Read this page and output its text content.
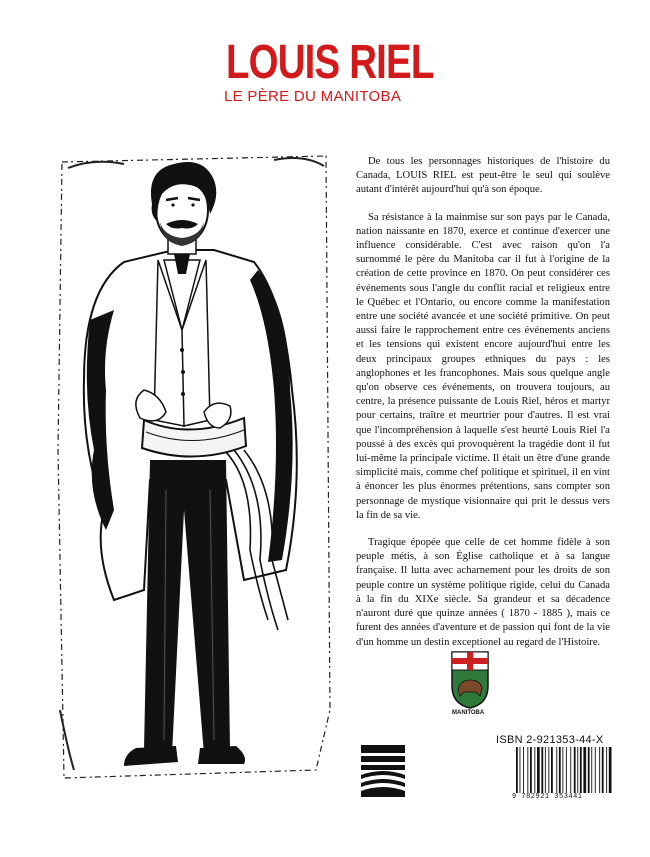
LOUIS RIEL
LE PÈRE DU MANITOBA

De tous les personnages historiques de l'histoire du Canada, LOUIS RIEL est peut-être le seul qui soulève autant d'intérêt aujourd'hui qu'à son époque.

Sa résistance à la mainmise sur son pays par le Canada, nation naissante en 1870, exerce et continue d'exercer une influence considérable. C'est avec raison qu'on l'a surnommé le père du Manitoba car il fut à l'origine de la création de cette province en 1870. On peut considérer ces événements sous l'angle du conflit racial et religieux entre le Québec et l'Ontario, ou encore comme la manifestation entre une société avancée et une société primitive. On peut aussi faire le rapprochement entre ces événements anciens et les tensions qui existent encore aujourd'hui entre les deux principaux groupes ethniques du pays : les anglophones et les francophones. Mais sous quelque angle qu'on observe ces événements, on trouvera toujours, au centre, la présence puissante de Louis Riel, héros et martyr pour certains, traître et meurtrier pour d'autres. Il est vrai que l'incompréhension à laquelle s'est heurté Louis Riel l'a poussé à des excès qui provoquèrent la tragédie dont il fut lui-même la principale victime. Il était un être d'une grande simplicité mais, comme chef politique et spirituel, il en vint à énoncer les plus énormes prétentions, sans compter son personnage de mystique visionnaire qui prit le dessus vers la fin de sa vie.

Tragique épopée que celle de cet homme fidèle à son peuple métis, à son Église catholique et à sa langue française. Il lutta avec acharnement pour les droits de son peuple contre un système politique rigide, celui du Canada à la fin du XIXe siècle. Sa grandeur et sa décadence n'auront duré que quinze années ( 1870 - 1885 ), mais ce furent des années d'aventure et de passion qui font de la vie d'un homme un destin exceptionel au regard de l'Histoire.

MANITOBA
ISBN 2-921353-44-X
9 782921 353441
